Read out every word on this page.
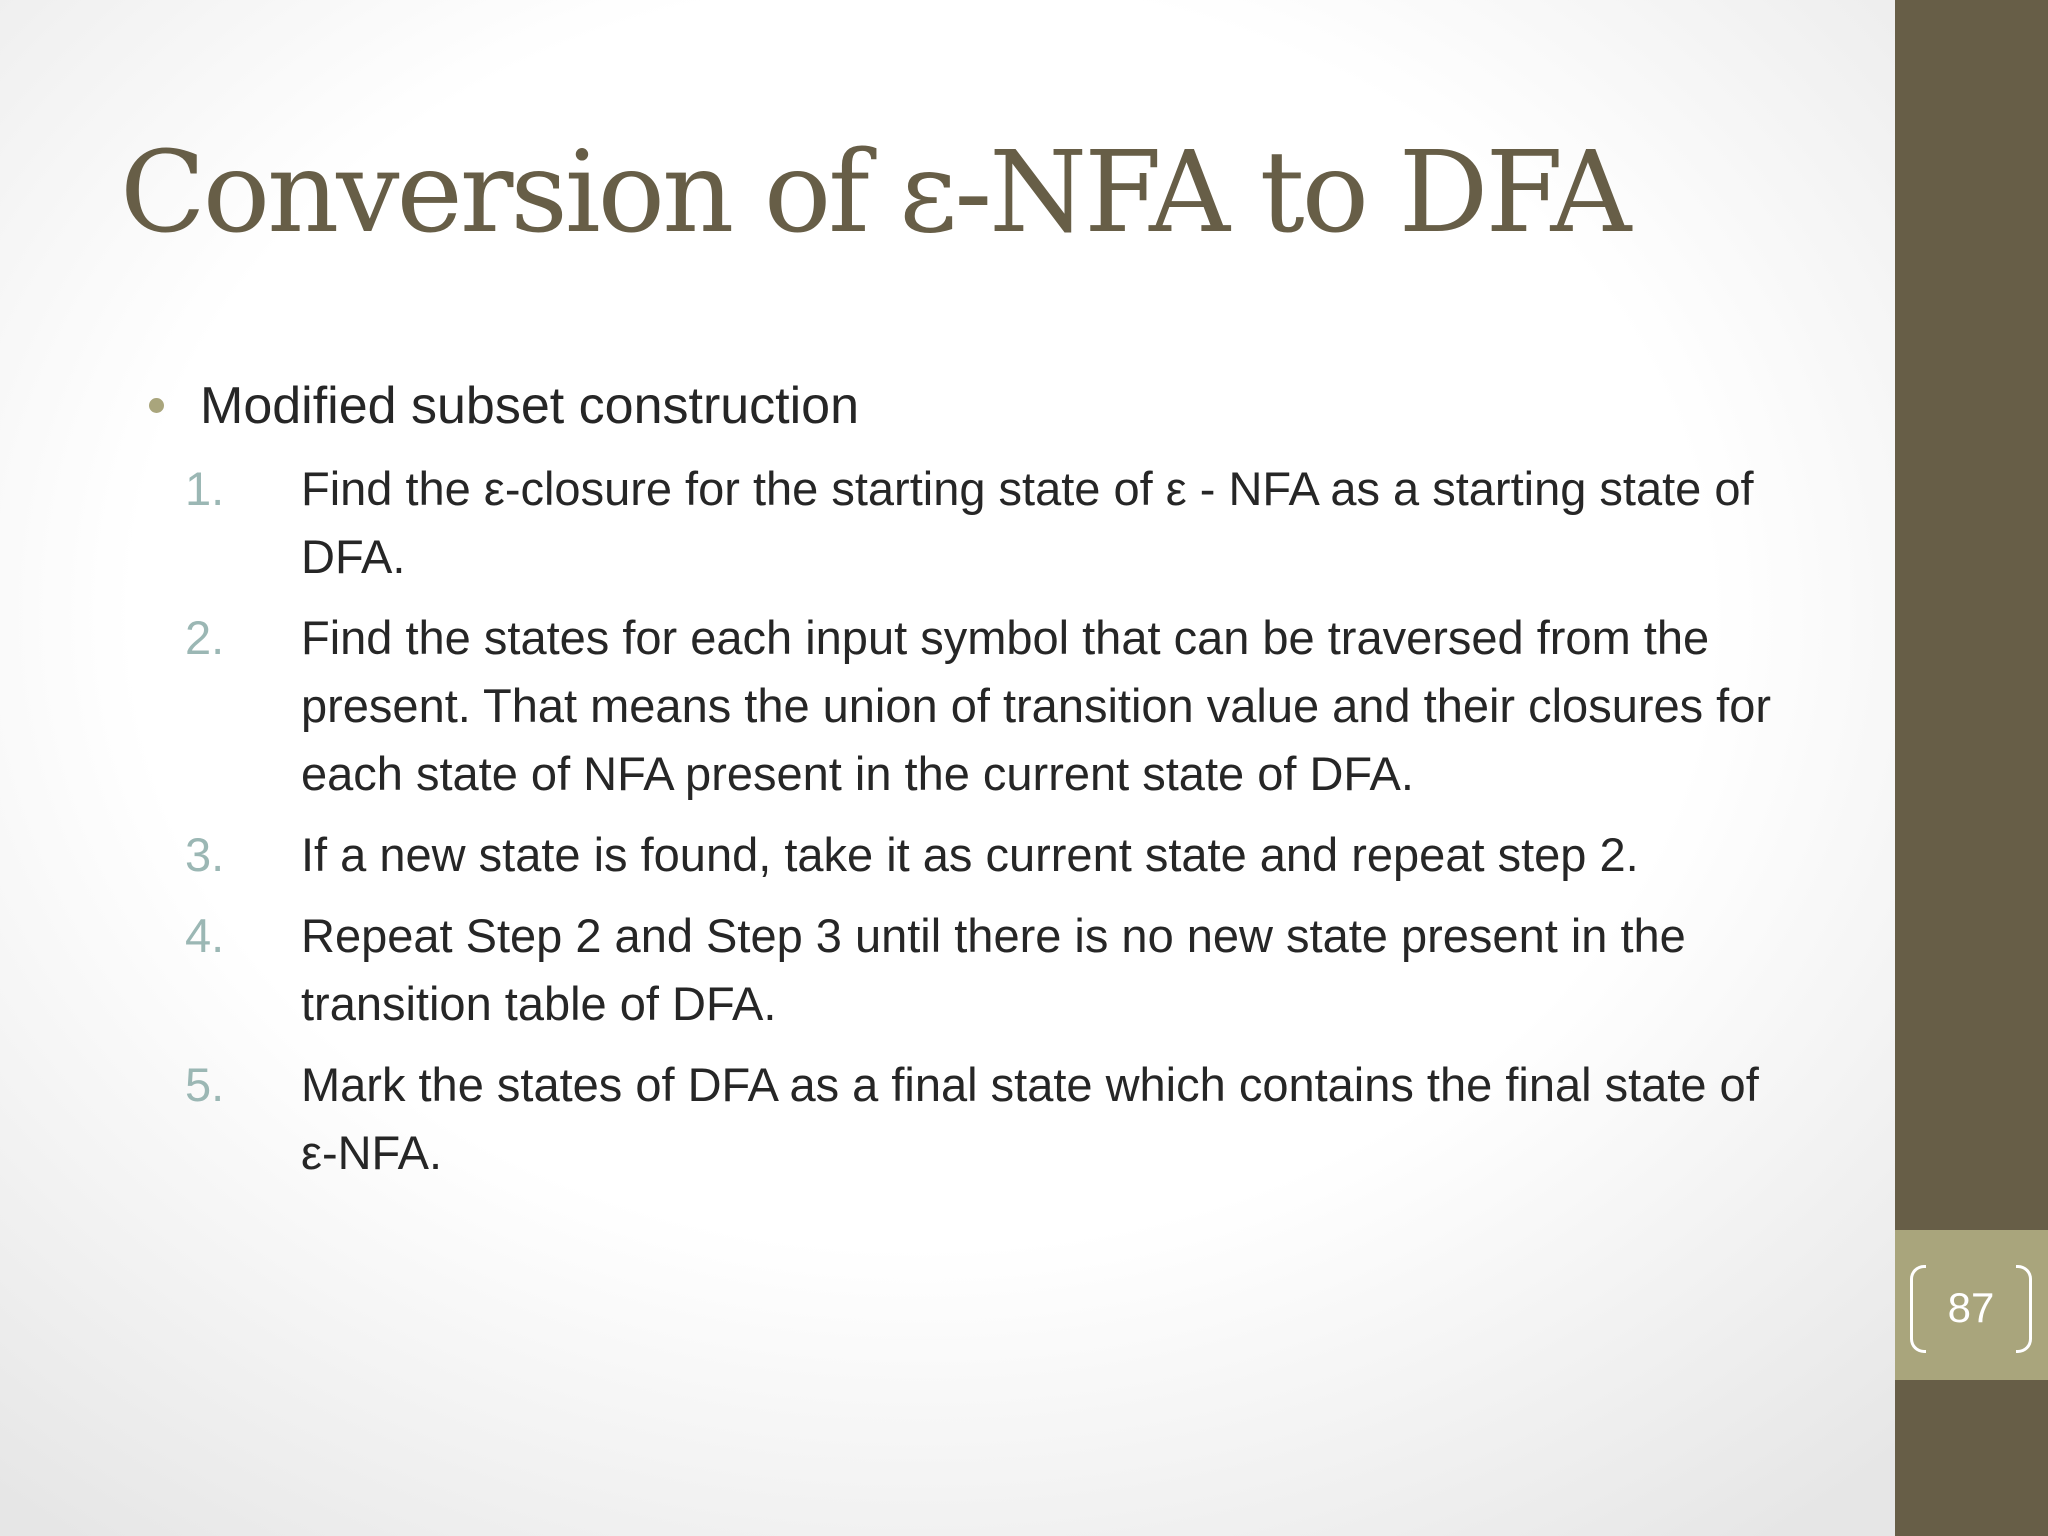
Conversion of ε-NFA to DFA
Modified subset construction
1. Find the ε-closure for the starting state of ε - NFA as a starting state of DFA.
2. Find the states for each input symbol that can be traversed from the present. That means the union of transition value and their closures for each state of NFA present in the current state of DFA.
3. If a new state is found, take it as current state and repeat step 2.
4. Repeat Step 2 and Step 3 until there is no new state present in the transition table of DFA.
5. Mark the states of DFA as a final state which contains the final state of ε-NFA.
87
